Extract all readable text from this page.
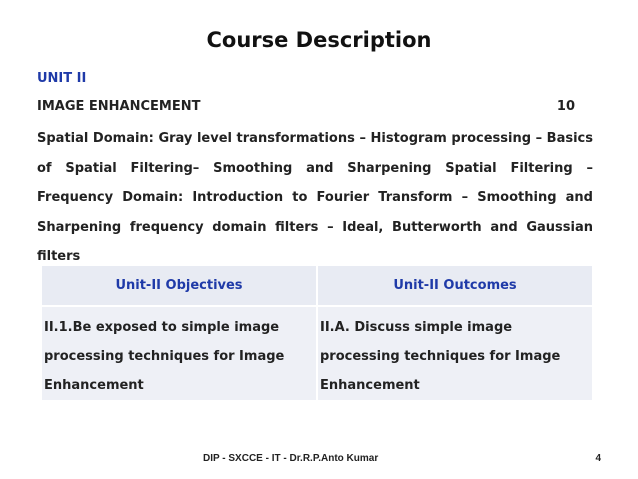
Course Description
UNIT II
IMAGE ENHANCEMENT	10

Spatial Domain: Gray level transformations – Histogram processing – Basics of Spatial Filtering– Smoothing and Sharpening Spatial Filtering – Frequency Domain: Introduction to Fourier Transform – Smoothing and Sharpening frequency domain filters – Ideal, Butterworth and Gaussian filters

Unit-II Objectives	Unit-II Outcomes
II.1.Be exposed to simple image processing techniques for Image Enhancement	II.A. Discuss simple image processing techniques for Image Enhancement
DIP - SXCCE - IT - Dr.R.P.Anto Kumar	4
